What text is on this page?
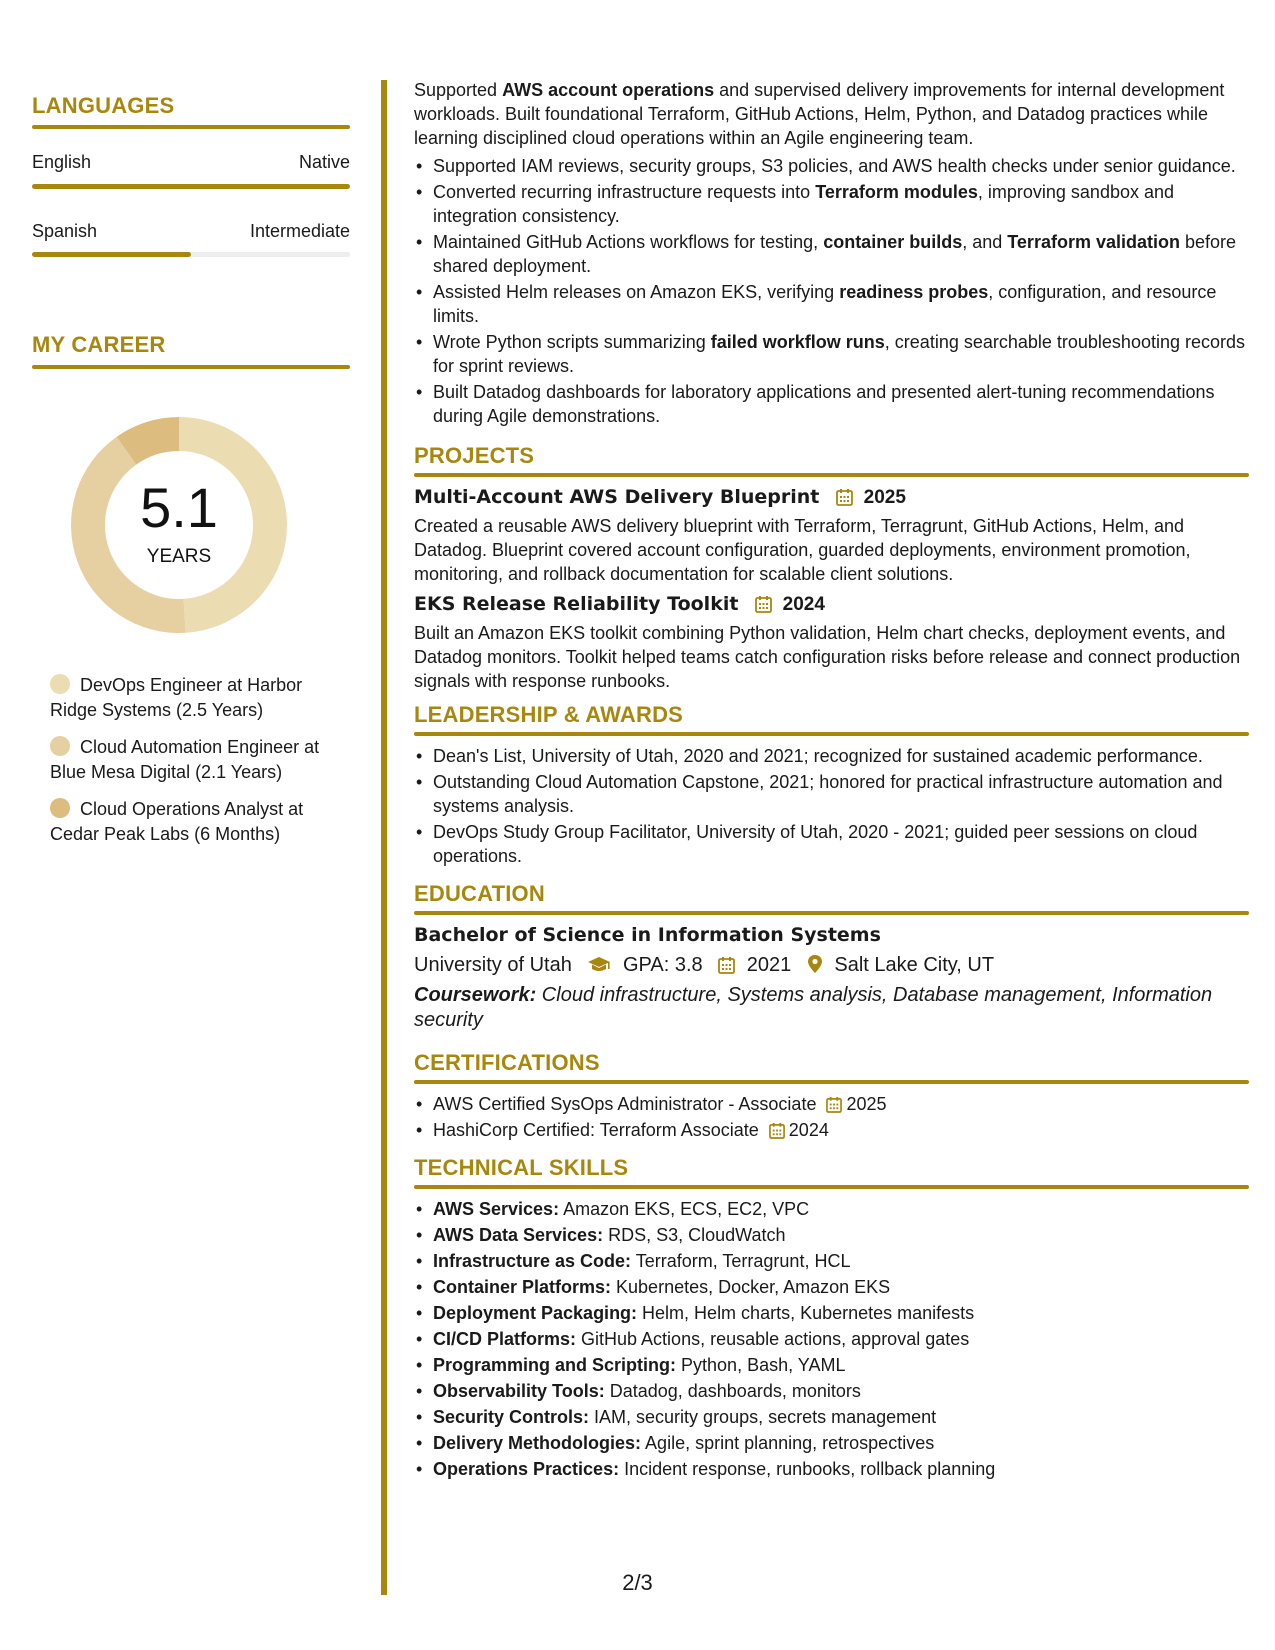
LANGUAGES
English	Native
Spanish	Intermediate
MY CAREER
5.1
YEARS
DevOps Engineer at Harbor Ridge Systems (2.5 Years)
Cloud Automation Engineer at Blue Mesa Digital (2.1 Years)
Cloud Operations Analyst at Cedar Peak Labs (6 Months)
Supported AWS account operations and supervised delivery improvements for internal development workloads. Built foundational Terraform, GitHub Actions, Helm, Python, and Datadog practices while learning disciplined cloud operations within an Agile engineering team.
• Supported IAM reviews, security groups, S3 policies, and AWS health checks under senior guidance.
• Converted recurring infrastructure requests into Terraform modules, improving sandbox and integration consistency.
• Maintained GitHub Actions workflows for testing, container builds, and Terraform validation before shared deployment.
• Assisted Helm releases on Amazon EKS, verifying readiness probes, configuration, and resource limits.
• Wrote Python scripts summarizing failed workflow runs, creating searchable troubleshooting records for sprint reviews.
• Built Datadog dashboards for laboratory applications and presented alert-tuning recommendations during Agile demonstrations.
PROJECTS
Multi-Account AWS Delivery Blueprint 2025
Created a reusable AWS delivery blueprint with Terraform, Terragrunt, GitHub Actions, Helm, and Datadog. Blueprint covered account configuration, guarded deployments, environment promotion, monitoring, and rollback documentation for scalable client solutions.
EKS Release Reliability Toolkit 2024
Built an Amazon EKS toolkit combining Python validation, Helm chart checks, deployment events, and Datadog monitors. Toolkit helped teams catch configuration risks before release and connect production signals with response runbooks.
LEADERSHIP & AWARDS
• Dean's List, University of Utah, 2020 and 2021; recognized for sustained academic performance.
• Outstanding Cloud Automation Capstone, 2021; honored for practical infrastructure automation and systems analysis.
• DevOps Study Group Facilitator, University of Utah, 2020 - 2021; guided peer sessions on cloud operations.
EDUCATION
Bachelor of Science in Information Systems
University of Utah	GPA: 3.8 2021 Salt Lake City, UT
Coursework: Cloud infrastructure, Systems analysis, Database management, Information security
CERTIFICATIONS
• AWS Certified SysOps Administrator - Associate 2025
• HashiCorp Certified: Terraform Associate 2024
TECHNICAL SKILLS
• AWS Services: Amazon EKS, ECS, EC2, VPC
• AWS Data Services: RDS, S3, CloudWatch
• Infrastructure as Code: Terraform, Terragrunt, HCL
• Container Platforms: Kubernetes, Docker, Amazon EKS
• Deployment Packaging: Helm, Helm charts, Kubernetes manifests
• CI/CD Platforms: GitHub Actions, reusable actions, approval gates
• Programming and Scripting: Python, Bash, YAML
• Observability Tools: Datadog, dashboards, monitors
• Security Controls: IAM, security groups, secrets management
• Delivery Methodologies: Agile, sprint planning, retrospectives
• Operations Practices: Incident response, runbooks, rollback planning
2/3
